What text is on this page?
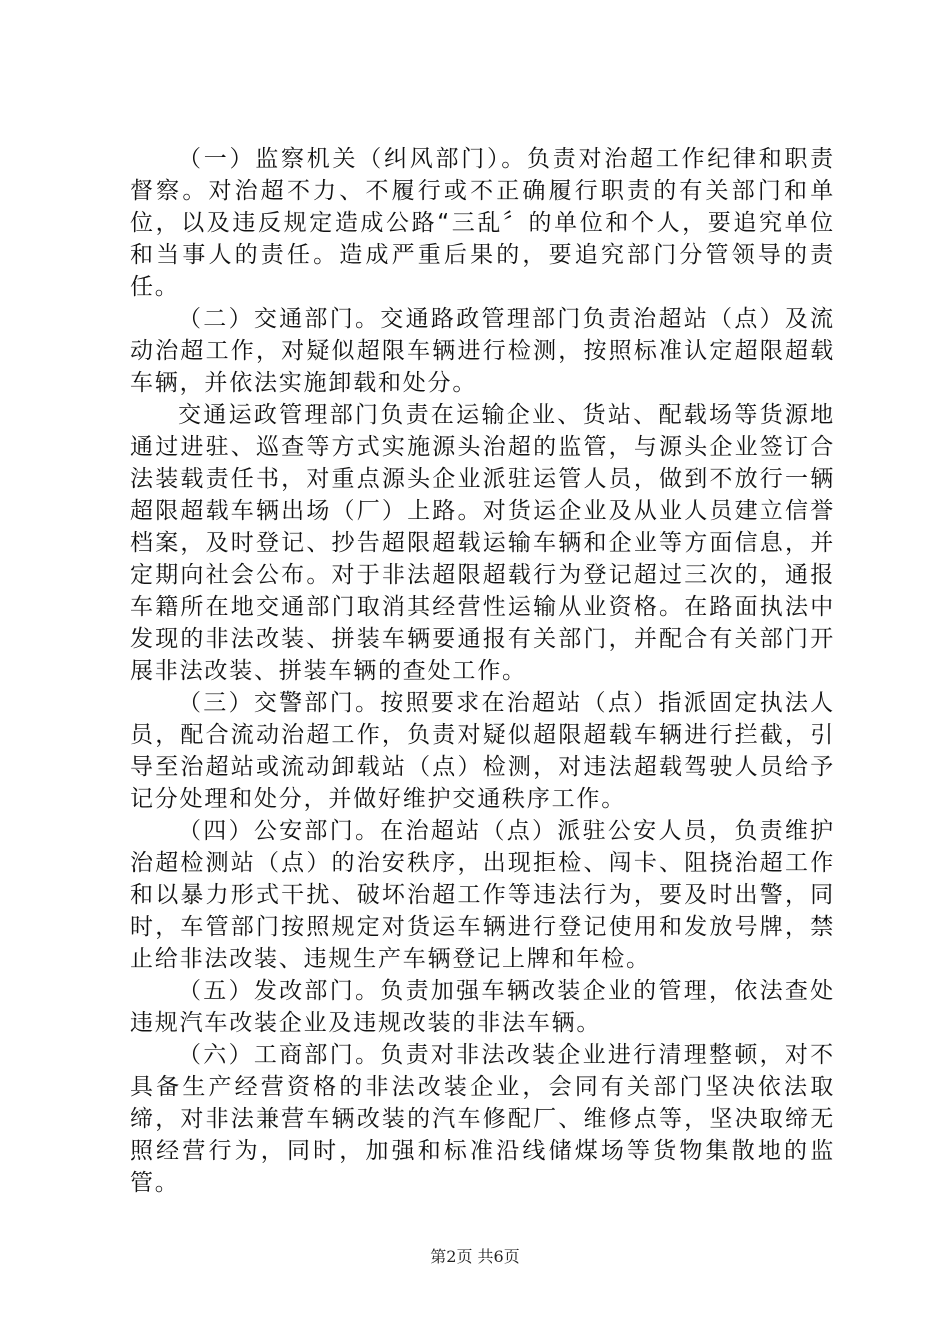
（一）监察机关（纠风部门）。负责对治超工作纪律和职责督察。对治超不力、不履行或不正确履行职责的有关部门和单位，以及违反规定造成公路“三乱〞的单位和个人，要追究单位和当事人的责任。造成严重后果的，要追究部门分管领导的责任。

（二）交通部门。交通路政管理部门负责治超站（点）及流动治超工作，对疑似超限车辆进行检测，按照标准认定超限超载车辆，并依法实施卸载和处分。

交通运政管理部门负责在运输企业、货站、配载场等货源地通过进驻、巡查等方式实施源头治超的监管，与源头企业签订合法装载责任书，对重点源头企业派驻运管人员，做到不放行一辆超限超载车辆出场（厂）上路。对货运企业及从业人员建立信誉档案，及时登记、抄告超限超载运输车辆和企业等方面信息，并定期向社会公布。对于非法超限超载行为登记超过三次的，通报车籍所在地交通部门取消其经营性运输从业资格。在路面执法中发现的非法改装、拼装车辆要通报有关部门，并配合有关部门开展非法改装、拼装车辆的查处工作。

（三）交警部门。按照要求在治超站（点）指派固定执法人员，配合流动治超工作，负责对疑似超限超载车辆进行拦截，引导至治超站或流动卸载站（点）检测，对违法超载驾驶人员给予记分处理和处分，并做好维护交通秩序工作。

（四）公安部门。在治超站（点）派驻公安人员，负责维护治超检测站（点）的治安秩序，出现拒检、闯卡、阻挠治超工作和以暴力形式干扰、破坏治超工作等违法行为，要及时出警，同时，车管部门按照规定对货运车辆进行登记使用和发放号牌，禁止给非法改装、违规生产车辆登记上牌和年检。

（五）发改部门。负责加强车辆改装企业的管理，依法查处违规汽车改装企业及违规改装的非法车辆。

（六）工商部门。负责对非法改装企业进行清理整顿，对不具备生产经营资格的非法改装企业，会同有关部门坚决依法取缔，对非法兼营车辆改装的汽车修配厂、维修点等，坚决取缔无照经营行为，同时，加强和标准沿线储煤场等货物集散地的监管。

第2页 共6页
